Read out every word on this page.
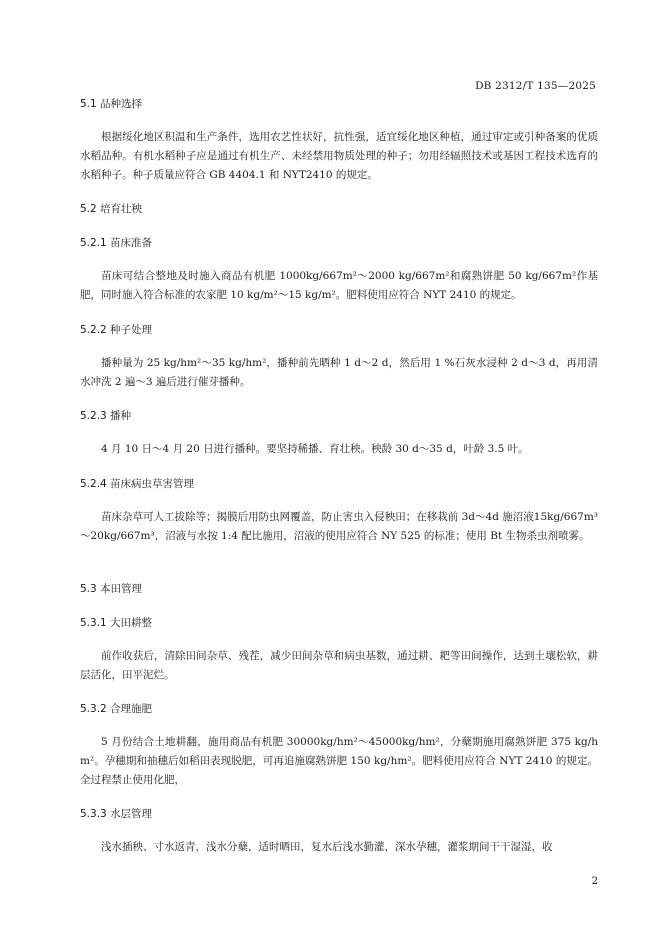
DB 2312/T 135—2025
5.1 品种选择
根据绥化地区积温和生产条件，选用农艺性状好，抗性强，适宜绥化地区种植，通过审定或引种备案的优质水稻品种。有机水稻种子应是通过有机生产、未经禁用物质处理的种子；勿用经辐照技术或基因工程技术选育的水稻种子。种子质量应符合 GB 4404.1 和 NYT2410 的规定。
5.2 培育壮秧
5.2.1 苗床准备
苗床可结合整地及时施入商品有机肥 1000kg/667m²～2000 kg/667m²和腐熟饼肥 50 kg/667m²作基肥，同时施入符合标准的农家肥 10 kg/m²～15 kg/m²。肥料使用应符合 NYT 2410 的规定。
5.2.2 种子处理
播种量为 25 kg/hm²～35 kg/hm²，播种前先晒种 1 d～2 d，然后用 1 %石灰水浸种 2 d～3 d，再用清水冲洗 2 遍～3 遍后进行催芽播种。
5.2.3 播种
4 月 10 日～4 月 20 日进行播种。要坚持稀播、育壮秧。秧龄 30 d～35 d，叶龄 3.5 叶。
5.2.4 苗床病虫草害管理
苗床杂草可人工拔除等；揭膜后用防虫网覆盖，防止害虫入侵秧田；在移栽前 3d～4d 施沼液15kg/667m³～20kg/667m³，沼液与水按 1:4 配比施用，沼液的使用应符合 NY 525 的标准；使用 Bt 生物杀虫剂喷雾。
5.3 本田管理
5.3.1 大田耕整
前作收获后，清除田间杂草、残茬，减少田间杂草和病虫基数，通过耕、耙等田间操作，达到土壤松软，耕层活化，田平泥烂。
5.3.2 合理施肥
5 月份结合土地耕翻，施用商品有机肥 30000kg/hm²～45000kg/hm²，分蘖期施用腐熟饼肥 375 kg/hm²。孕穗期和抽穗后如稻田表现脱肥，可再追施腐熟饼肥 150 kg/hm²。肥料使用应符合 NYT 2410 的规定。全过程禁止使用化肥，
5.3.3 水层管理
浅水插秧、寸水返青，浅水分蘖，适时晒田，复水后浅水勤灌，深水孕穗，灌浆期间干干湿湿，收
2
